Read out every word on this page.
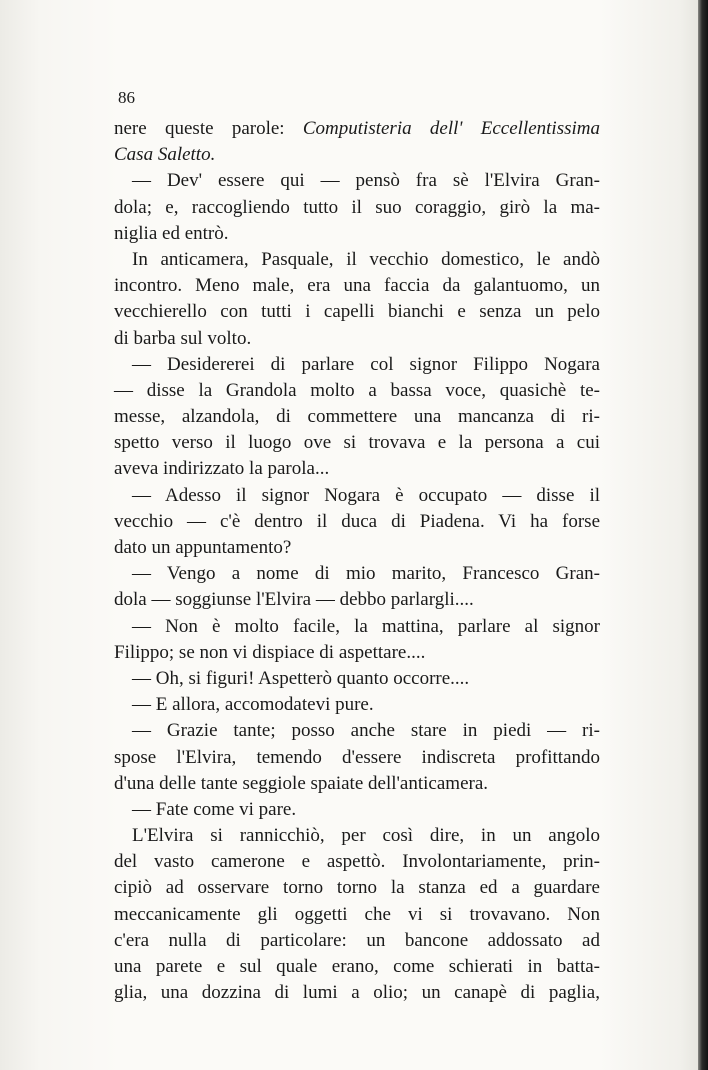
86
nere queste parole: Computisteria dell' Eccellentissima
Casa Saletto.
— Dev' essere qui — pensò fra sè l'Elvira Gran-
dola; e, raccogliendo tutto il suo coraggio, girò la ma-
niglia ed entrò.
In anticamera, Pasquale, il vecchio domestico, le andò
incontro. Meno male, era una faccia da galantuomo, un
vecchierello con tutti i capelli bianchi e senza un pelo
di barba sul volto.
— Desidererei di parlare col signor Filippo Nogara
— disse la Grandola molto a bassa voce, quasichè te-
messe, alzandola, di commettere una mancanza di ri-
spetto verso il luogo ove si trovava e la persona a cui
aveva indirizzato la parola...
— Adesso il signor Nogara è occupato — disse il
vecchio — c'è dentro il duca di Piadena. Vi ha forse
dato un appuntamento?
— Vengo a nome di mio marito, Francesco Gran-
dola — soggiunse l'Elvira — debbo parlargli....
— Non è molto facile, la mattina, parlare al signor
Filippo; se non vi dispiace di aspettare....
— Oh, si figuri! Aspetterò quanto occorre....
— E allora, accomodatevi pure.
— Grazie tante; posso anche stare in piedi — ri-
spose l'Elvira, temendo d'essere indiscreta profittando
d'una delle tante seggiole spaiate dell'anticamera.
— Fate come vi pare.
L'Elvira si rannicchiò, per così dire, in un angolo
del vasto camerone e aspettò. Involontariamente, prin-
cipiò ad osservare torno torno la stanza ed a guardare
meccanicamente gli oggetti che vi si trovavano. Non
c'era nulla di particolare: un bancone addossato ad
una parete e sul quale erano, come schierati in batta-
glia, una dozzina di lumi a olio; un canapè di paglia,
